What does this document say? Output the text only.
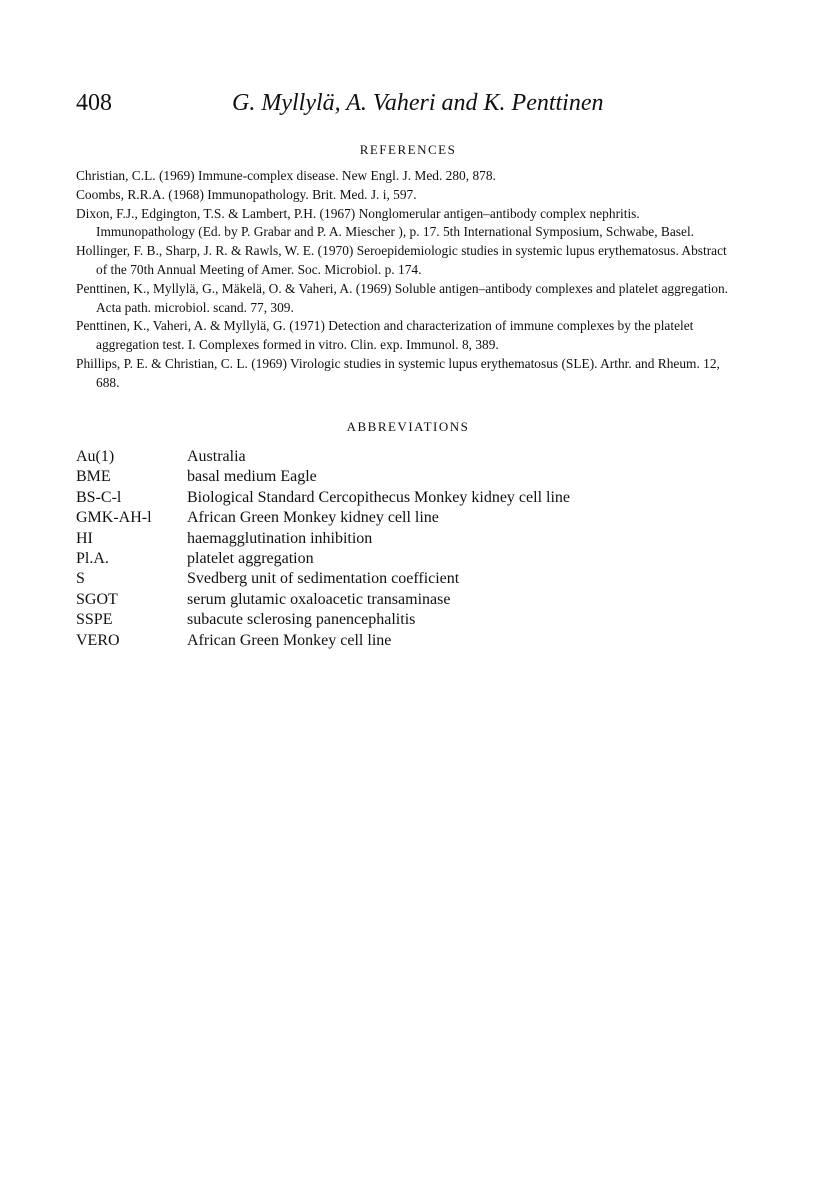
408	G. Myllylä, A. Vaheri and K. Penttinen
REFERENCES
Christian, C.L. (1969) Immune-complex disease. New Engl. J. Med. 280, 878.
Coombs, R.R.A. (1968) Immunopathology. Brit. Med. J. i, 597.
Dixon, F.J., Edgington, T.S. & Lambert, P.H. (1967) Nonglomerular antigen–antibody complex nephritis. Immunopathology (Ed. by P. Grabar and P. A. Miescher ), p. 17. 5th International Symposium, Schwabe, Basel.
Hollinger, F. B., Sharp, J. R. & Rawls, W. E. (1970) Seroepidemiologic studies in systemic lupus erythematosus. Abstract of the 70th Annual Meeting of Amer. Soc. Microbiol. p. 174.
Penttinen, K., Myllylä, G., Mäkelä, O. & Vaheri, A. (1969) Soluble antigen–antibody complexes and platelet aggregation. Acta path. microbiol. scand. 77, 309.
Penttinen, K., Vaheri, A. & Myllylä, G. (1971) Detection and characterization of immune complexes by the platelet aggregation test. I. Complexes formed in vitro. Clin. exp. Immunol. 8, 389.
Phillips, P. E. & Christian, C. L. (1969) Virologic studies in systemic lupus erythematosus (SLE). Arthr. and Rheum. 12, 688.
ABBREVIATIONS
Au(1)	Australia
BME	basal medium Eagle
BS-C-l	Biological Standard Cercopithecus Monkey kidney cell line
GMK-AH-l	African Green Monkey kidney cell line
HI	haemagglutination inhibition
Pl.A.	platelet aggregation
S	Svedberg unit of sedimentation coefficient
SGOT	serum glutamic oxaloacetic transaminase
SSPE	subacute sclerosing panencephalitis
VERO	African Green Monkey cell line
